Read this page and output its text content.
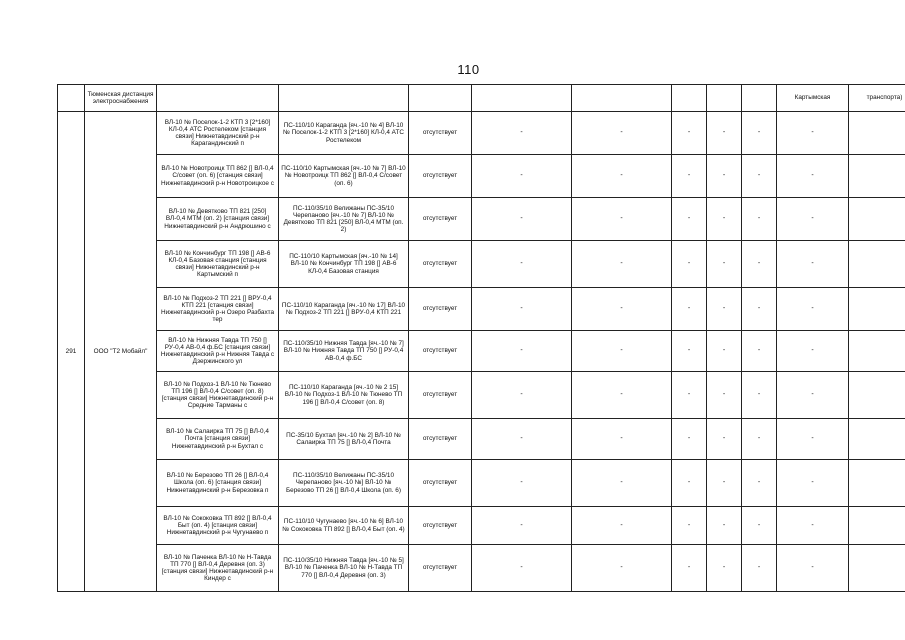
110
	Тюменская дистанция электроснабжения									Картымская	транспорта)	
291	ООО "Т2 Мобайл"	ВЛ-10 № Поселок-1-2 КТП 3 [2*160] КЛ-0,4 АТС Ростелеком [станция связи] Нижнетавдинский р-н Карагандинский п	ПС-110/10 Караганда [яч.-10 № 4] ВЛ-10 № Поселок-1-2 КТП 3 [2*160] КЛ-0,4 АТС Ростелеком	отсутствует	-	-	-	-	-	-		
		ВЛ-10 № Новотроицк ТП 862 [] ВЛ-0,4 С/совет (оп. 6) [станция связи] Нижнетавдинский р-н Новотроицкое с	ПС-110/10 Картымская [яч.-10 № 7] ВЛ-10 № Новотроицк ТП 862 [] ВЛ-0,4 С/совет (оп. 6)	отсутствует	-	-	-	-	-	-		
		ВЛ-10 № Девятково ТП 821 [250] ВЛ-0,4 МТМ (оп. 2) [станция связи] Нижнетавдинский р-н Андрюшино с	ПС-110/35/10 Велижаны ПС-35/10 Черепаново [яч.-10 № 7] ВЛ-10 № Девятково ТП 821 [250] ВЛ-0,4 МТМ (оп. 2)	отсутствует	-	-	-	-	-	-		
		ВЛ-10 № Кончинбург ТП 198 [] АВ-6 КЛ-0,4 Базовая станция [станция связи] Нижнетавдинский р-н Картымский п	ПС-110/10 Картымская [яч.-10 № 14] ВЛ-10 № Кончинбург ТП 198 [] АВ-6 КЛ-0,4 Базовая станция	отсутствует	-	-	-	-	-	-		
		ВЛ-10 № Подхоз-2 ТП 221 [] ВРУ-0,4 КТП 221 [станция связи] Нижнетавдинский р-н Озеро Разбахта тер	ПС-110/10 Караганда [яч.-10 № 17] ВЛ-10 № Подхоз-2 ТП 221 [] ВРУ-0,4 КТП 221	отсутствует	-	-	-	-	-	-		
		ВЛ-10 № Нижняя Тавда ТП 750 [] РУ-0,4 АВ-0,4 ф.БС [станция связи] Нижнетавдинский р-н Нижняя Тавда с Дзержинского ул	ПС-110/35/10 Нижняя Тавда [яч.-10 № 7] ВЛ-10 № Нижняя Тавда ТП 750 [] РУ-0,4 АВ-0,4 ф.БС	отсутствует	-	-	-	-	-	-		
		ВЛ-10 № Подхоз-1 ВЛ-10 № Тюнево ТП 196 [] ВЛ-0,4 С/совет (оп. 8) [станция связи] Нижнетавдинский р-н Средние Тарманы с	ПС-110/10 Караганда [яч.-10 № 2 15] ВЛ-10 № Подхоз-1 ВЛ-10 № Тюнево ТП 196 [] ВЛ-0,4 С/совет (оп. 8)	отсутствует	-	-	-	-	-	-		
		ВЛ-10 № Салаирка ТП 75 [] ВЛ-0,4 Почта [станция связи] Нижнетавдинский р-н Бухтал с	ПС-35/10 Бухтал [яч.-10 № 2] ВЛ-10 № Салаирка ТП 75 [] ВЛ-0,4 Почта	отсутствует	-	-	-	-	-	-		
		ВЛ-10 № Березово ТП 26 [] ВЛ-0,4 Школа (оп. 6) [станция связи] Нижнетавдинский р-н Березовка п	ПС-110/35/10 Велижаны ПС-35/10 Черепаново [яч.-10 №] ВЛ-10 № Березово ТП 26 [] ВЛ-0,4 Школа (оп. 6)	отсутствует	-	-	-	-	-	-		
		ВЛ-10 № Сококовка ТП 892 [] ВЛ-0,4 Быт (оп. 4) [станция связи] Нижнетавдинский р-н Чугунаево п	ПС-110/10 Чугунаево [яч.-10 № 6] ВЛ-10 № Сококовка ТП 892 [] ВЛ-0,4 Быт (оп. 4)	отсутствует	-	-	-	-	-	-		
		ВЛ-10 № Паченка ВЛ-10 № Н-Тавда ТП 770 [] ВЛ-0,4 Деревня (оп. 3) [станция связи] Нижнетавдинский р-н Киндер с	ПС-110/35/10 Нижняя Тавда [яч.-10 № 5] ВЛ-10 № Паченка ВЛ-10 № Н-Тавда ТП 770 [] ВЛ-0,4 Деревня (оп. 3)	отсутствует	-	-	-	-	-	-		
